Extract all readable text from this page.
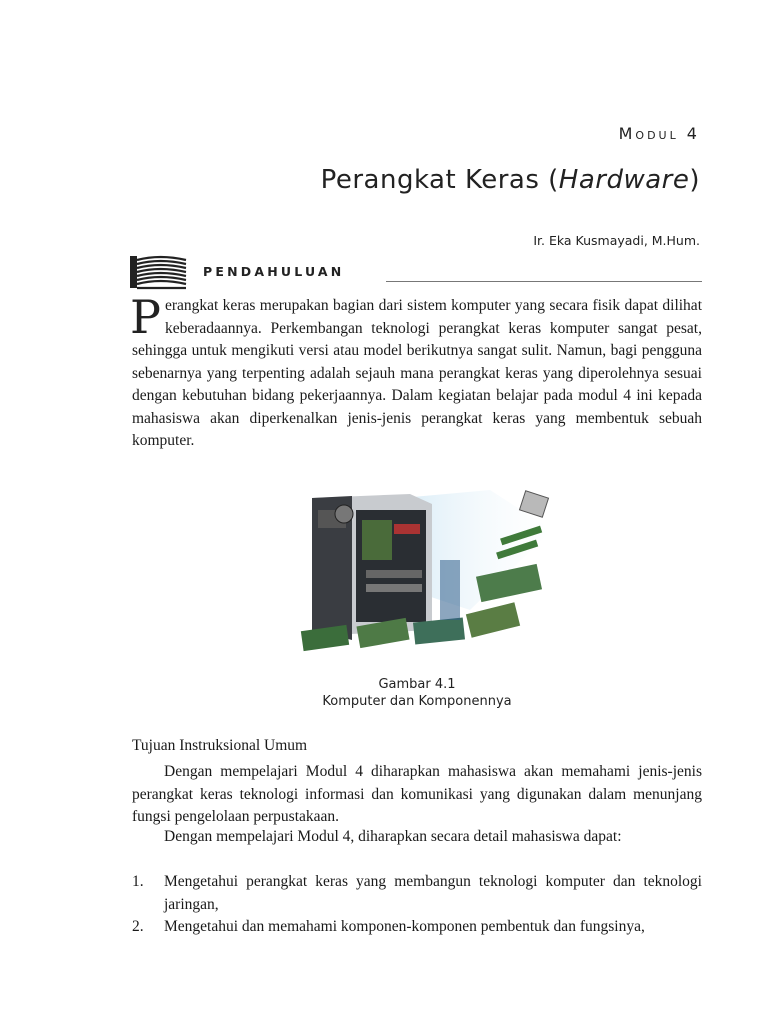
Modul 4
Perangkat Keras (Hardware)
Ir. Eka Kusmayadi, M.Hum.
PENDAHULUAN
Perangkat keras merupakan bagian dari sistem komputer yang secara fisik dapat dilihat keberadaannya. Perkembangan teknologi perangkat keras komputer sangat pesat, sehingga untuk mengikuti versi atau model berikutnya sangat sulit. Namun, bagi pengguna sebenarnya yang terpenting adalah sejauh mana perangkat keras yang diperolehnya sesuai dengan kebutuhan bidang pekerjaannya. Dalam kegiatan belajar pada modul 4 ini kepada mahasiswa akan diperkenalkan jenis-jenis perangkat keras yang membentuk sebuah komputer.
Gambar 4.1
Komputer dan Komponennya
Tujuan Instruksional Umum
Dengan mempelajari Modul 4 diharapkan mahasiswa akan memahami jenis-jenis perangkat keras teknologi informasi dan komunikasi yang digunakan dalam menunjang fungsi pengelolaan perpustakaan.
Dengan mempelajari Modul 4, diharapkan secara detail mahasiswa dapat:
1.	Mengetahui perangkat keras yang membangun teknologi komputer dan teknologi jaringan,
2.	Mengetahui dan memahami komponen-komponen pembentuk dan fungsinya,
